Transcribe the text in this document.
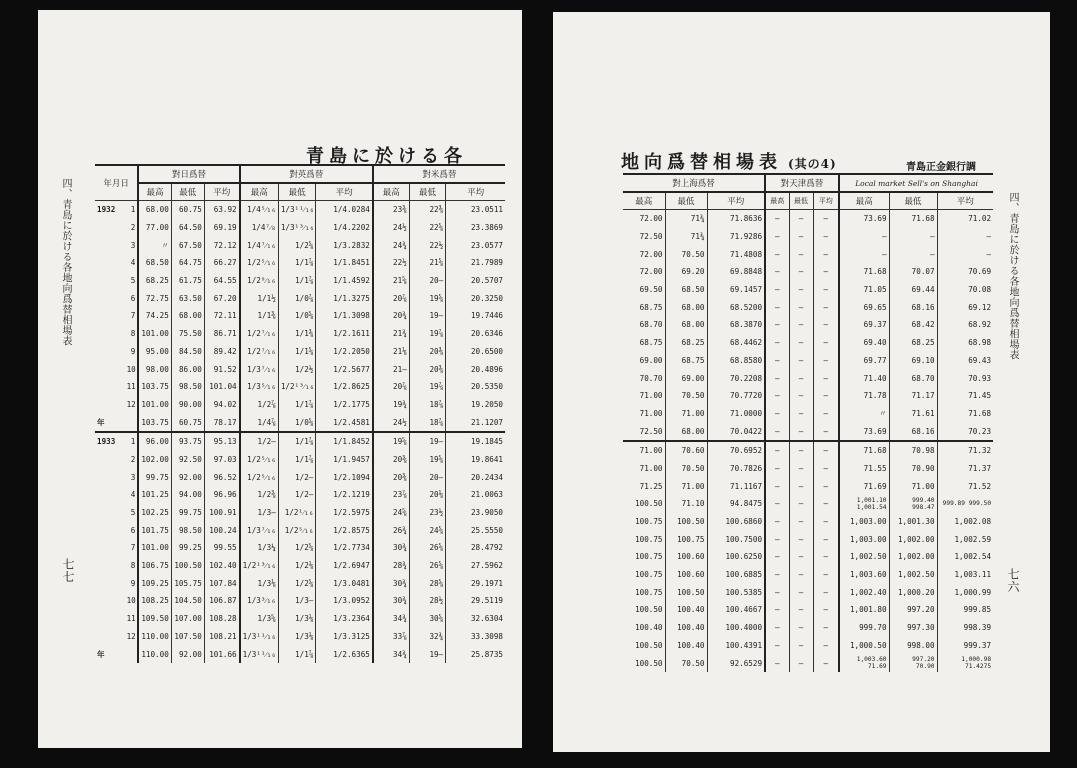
青島に於ける各
四、青島に於ける各地向爲替相場表
七七
年月日		對日爲替			對英爲替			對米爲替		
		最高	最低	平均	最高	最低	平均	最高	最低	平均
1932	1	68.00	60.75	63.92	1/4⁵⁄₁₆	1/3¹¹⁄₁₆	1/4.0284	23⅜	22⅜	23.0511
	2	77.00	64.50	69.19	1/4⁷⁄₈	1/3¹³⁄₁₆	1/4.2202	24½	22⅝	23.3869
	3	〃	67.50	72.12	1/4⁷⁄₁₆	1/2⅝	1/3.2832	24¾	22½	23.0577
	4	68.50	64.75	66.27	1/2⁵⁄₁₆	1/1⅞	1/1.8451	22½	21⅝	21.7989
	5	68.25	61.75	64.55	1/2⁹⁄₁₆	1/1⅞	1/1.4592	21⅝	20—	20.5707
	6	72.75	63.50	67.20	1/1½	1/0⅞	1/1.3275	20⅞	19⅝	20.3250
	7	74.25	68.00	72.11	1/1⅜	1/0⅝	1/1.3098	20¾	19—	19.7446
	8	101.00	75.50	86.71	1/2⁷⁄₁₆	1/1⅜	1/2.1611	21¾	19⅞	20.6346
	9	95.00	84.50	89.42	1/2⁷⁄₁₆	1/1⅝	1/2.2050	21⅛	20⅜	20.6500
	10	98.00	86.00	91.52	1/3⁷⁄₁₆	1/2½	1/2.5677	21—	20⅜	20.4896
	11	103.75	98.50	101.04	1/3⁵⁄₁₆	1/2¹³⁄₁₆	1/2.8625	20⅞	19⅞	20.5350
	12	101.00	90.00	94.02	1/2⅞	1/1⅞	1/2.1775	19¾	18⅞	19.2050
年		103.75	60.75	78.17	1/4⅞	1/0⅝	1/2.4581	24½	18⅞	21.1207
1933	1	96.00	93.75	95.13	1/2—	1/1⅞	1/1.8452	19⅝	19—	19.1845
	2	102.00	92.50	97.03	1/2⁵⁄₁₆	1/1⅞	1/1.9457	20⅜	19⅝	19.8641
	3	99.75	92.00	96.52	1/2⁵⁄₁₆	1/2—	1/2.1094	20⅜	20—	20.2434
	4	101.25	94.00	96.96	1/2⅜	1/2—	1/2.1219	23⅞	20⅛	21.0063
	5	102.25	99.75	100.91	1/3—	1/2¹⁄₁₆	1/2.5975	24⅝	23½	23.9050
	6	101.75	98.50	100.24	1/3⁷⁄₁₆	1/2⁵⁄₁₆	1/2.8575	26¾	24⅝	25.5550
	7	101.00	99.25	99.55	1/3¼	1/2⅝	1/2.7734	30¾	26⅝	28.4792
	8	106.75	100.50	102.40	1/2¹³⁄₁₆	1/2⅛	1/2.6947	28¾	26⅝	27.5962
	9	109.25	105.75	107.84	1/3⅛	1/2⅝	1/3.0481	30¾	28⅝	29.1971
	10	108.25	104.50	106.87	1/3³⁄₁₆	1/3—	1/3.0952	30¾	28½	29.5119
	11	109.50	107.00	108.28	1/3⅝	1/3⅛	1/3.2364	34¾	30⅝	32.6304
	12	110.00	107.50	108.21	1/3¹¹⁄₁₆	1/3⅛	1/3.3125	33⅞	32¾	33.3098
年		110.00	92.00	101.66	1/3¹¹⁄₁₆	1/1⅞	1/2.6365	34¾	19—	25.8735
地向爲替相場表 (其の4)	青島正金銀行調
四、青島に於ける各地向爲替相場表
七六
對上海爲替			對天津爲替			Local market Sell's on Shanghai		
最高	最低	平均	最高	最低	平均	最高	最低	平均
72.00	71¾	71.8636	—	—	—	73.69	71.68	71.02
72.50	71¾	71.9286	—	—	—	—	—	—
72.00	70.50	71.4808	—	—	—	—	—	—
72.00	69.20	69.8848	—	—	—	71.68	70.07	70.69
69.50	68.50	69.1457	—	—	—	71.05	69.44	70.08
68.75	68.00	68.5200	—	—	—	69.65	68.16	69.12
68.70	68.00	68.3870	—	—	—	69.37	68.42	68.92
68.75	68.25	68.4462	—	—	—	69.40	68.25	68.98
69.00	68.75	68.8580	—	—	—	69.77	69.10	69.43
70.70	69.00	70.2208	—	—	—	71.40	68.70	70.93
71.00	70.50	70.7720	—	—	—	71.78	71.17	71.45
71.00	71.00	71.0000	—	—	—	〃	71.61	71.68
72.50	68.00	70.0422	—	—	—	73.69	68.16	70.23
71.00	70.60	70.6952	—	—	—	71.68	70.98	71.32
71.00	70.50	70.7826	—	—	—	71.55	70.90	71.37
71.25	71.00	71.1167	—	—	—	71.69	71.00	71.52
100.50	71.10	94.8475	—	—	—	1,001.10 1,001.54	999.40 998.47	999.89 999.50
100.75	100.50	100.6860	—	—	—	1,003.00	1,001.30	1,002.08
100.75	100.75	100.7500	—	—	—	1,003.00	1,002.00	1,002.59
100.75	100.60	100.6250	—	—	—	1,002.50	1,002.00	1,002.54
100.75	100.60	100.6885	—	—	—	1,003.60	1,002.50	1,003.11
100.75	100.50	100.5385	—	—	—	1,002.40	1,000.20	1,000.99
100.50	100.40	100.4667	—	—	—	1,001.80	997.20	999.85
100.40	100.40	100.4000	—	—	—	999.70	997.30	998.39
100.50	100.40	100.4391	—	—	—	1,000.50	998.00	999.37
100.50	70.50	92.6529	—	—	—	1,003.60 71.69	997.20 70.90	1,000.98 71.4275
